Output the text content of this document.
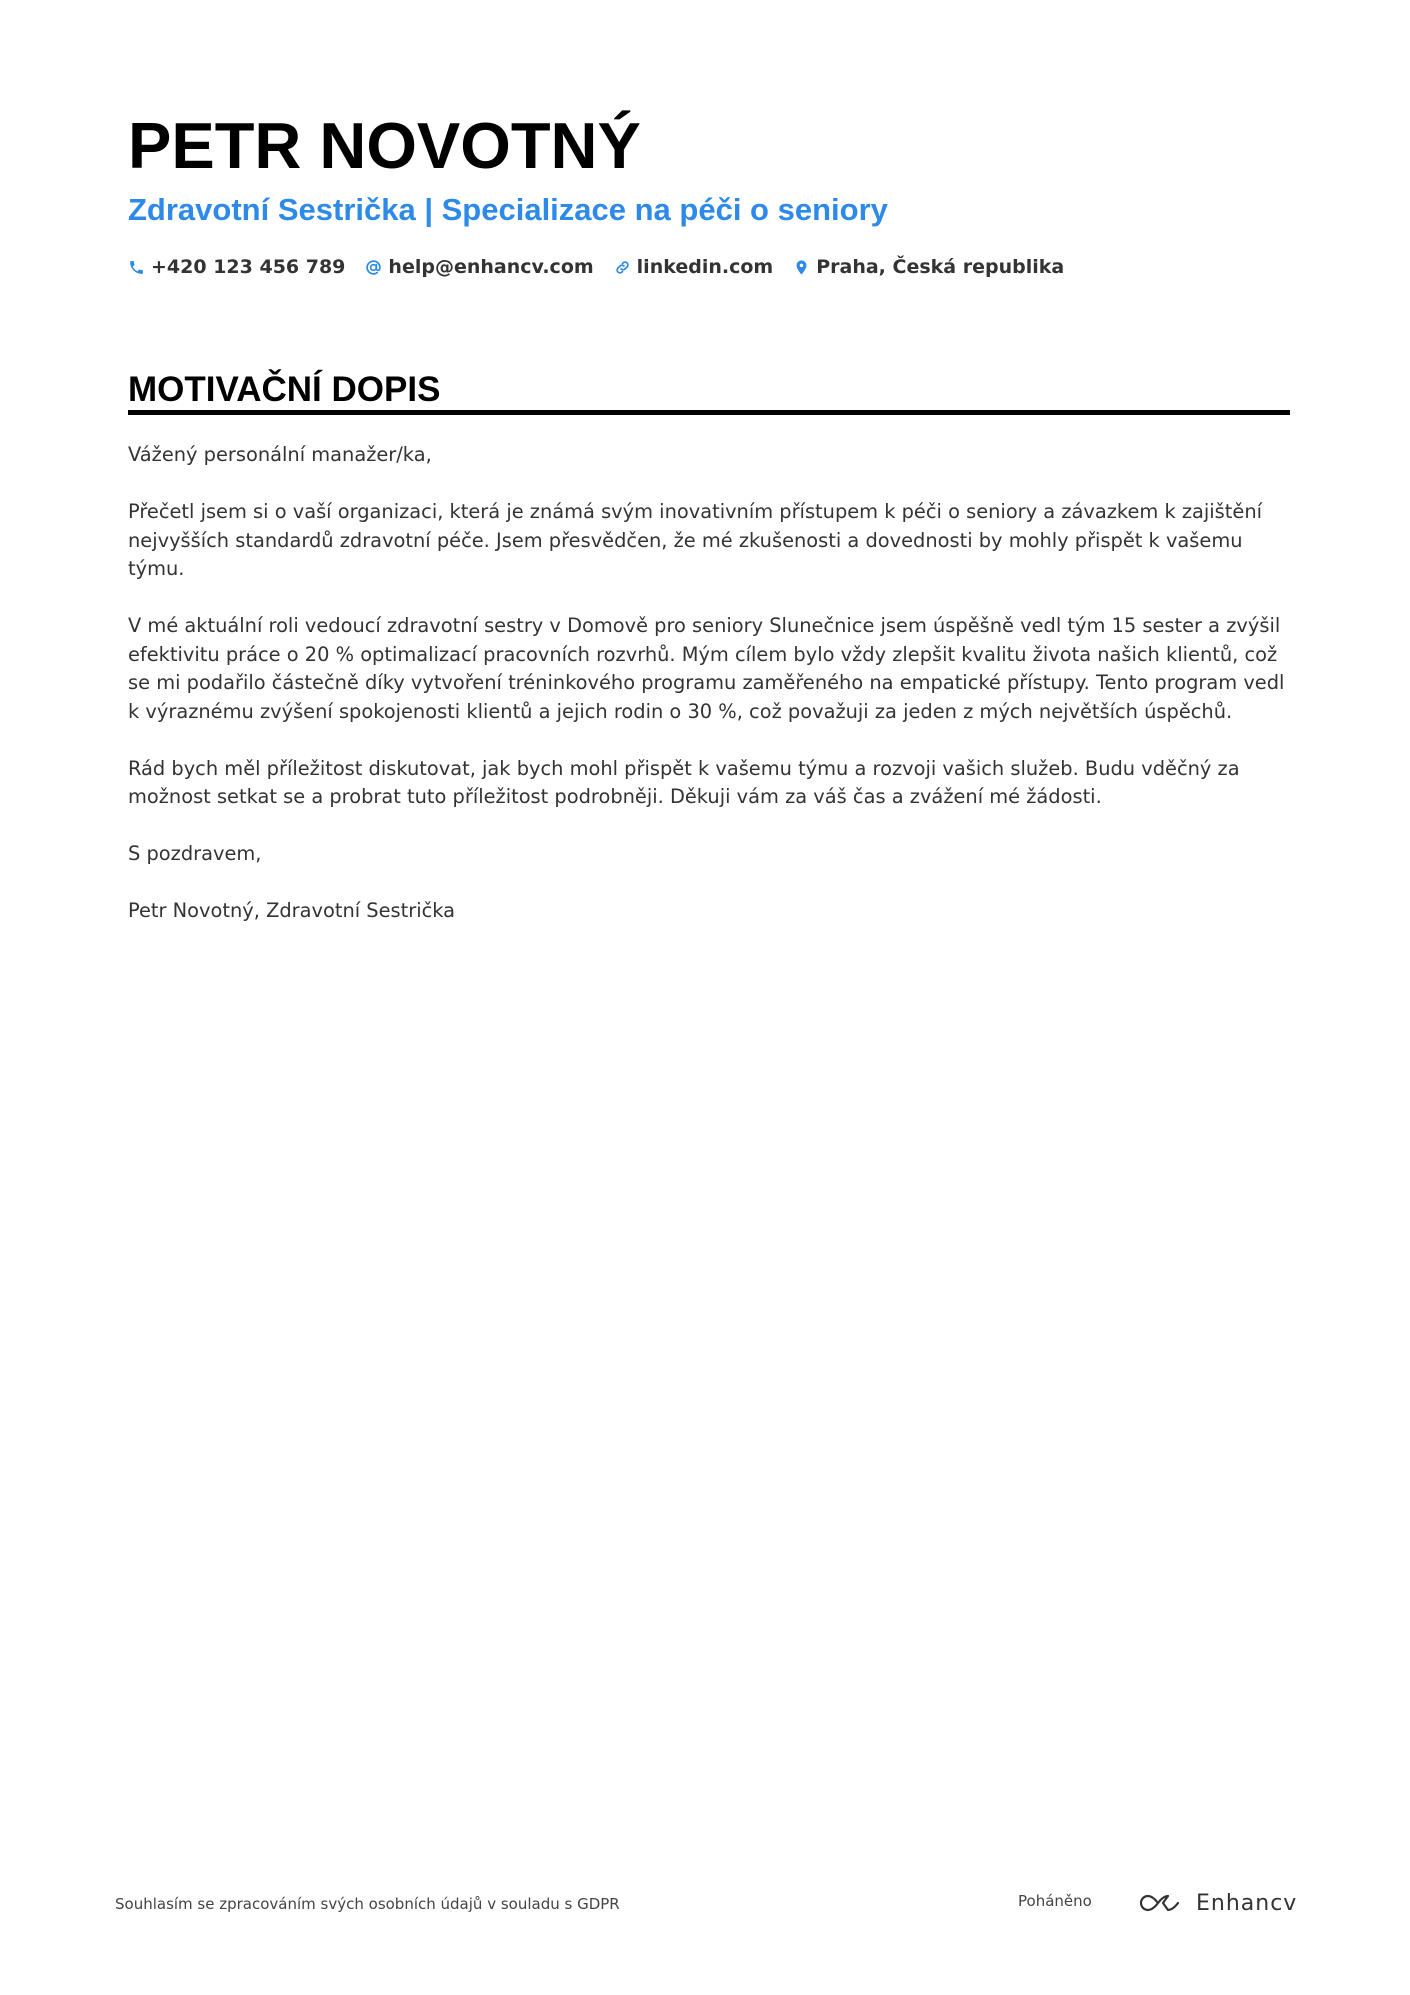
PETR NOVOTNÝ
Zdravotní Sestrička | Specializace na péči o seniory
+420 123 456 789 help@enhancv.com linkedin.com Praha, Česká republika
MOTIVAČNÍ DOPIS

Vážený personální manažer/ka,

Přečetl jsem si o vaší organizaci, která je známá svým inovativním přístupem k péči o seniory a závazkem k zajištění nejvyšších standardů zdravotní péče. Jsem přesvědčen, že mé zkušenosti a dovednosti by mohly přispět k vašemu týmu.

V mé aktuální roli vedoucí zdravotní sestry v Domově pro seniory Slunečnice jsem úspěšně vedl tým 15 sester a zvýšil efektivitu práce o 20 % optimalizací pracovních rozvrhů. Mým cílem bylo vždy zlepšit kvalitu života našich klientů, což se mi podařilo částečně díky vytvoření tréninkového programu zaměřeného na empatické přístupy. Tento program vedl k výraznému zvýšení spokojenosti klientů a jejich rodin o 30 %, což považuji za jeden z mých největších úspěchů.

Rád bych měl příležitost diskutovat, jak bych mohl přispět k vašemu týmu a rozvoji vašich služeb. Budu vděčný za možnost setkat se a probrat tuto příležitost podrobněji. Děkuji vám za váš čas a zvážení mé žádosti.

S pozdravem,

Petr Novotný, Zdravotní Sestrička

Souhlasím se zpracováním svých osobních údajů v souladu s GDPR	Poháněno	Enhancv
